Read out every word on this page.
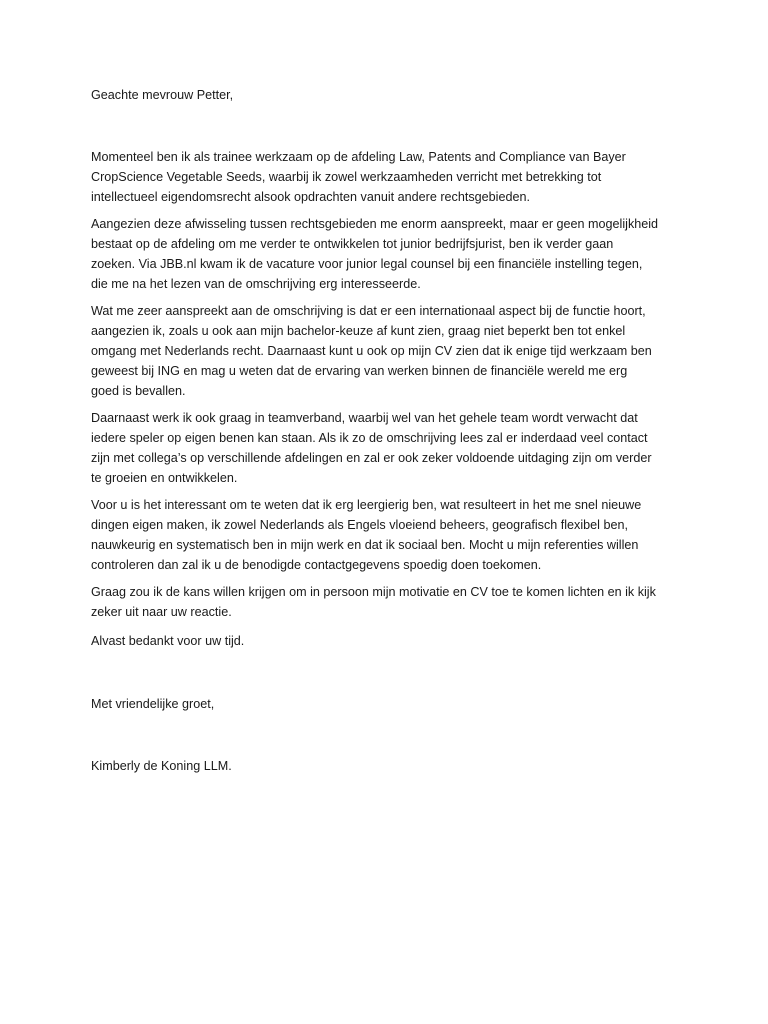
Geachte mevrouw Petter,

Momenteel ben ik als trainee werkzaam op de afdeling Law, Patents and Compliance van Bayer

CropScience Vegetable Seeds, waarbij ik zowel werkzaamheden verricht met betrekking tot

intellectueel eigendomsrecht alsook opdrachten vanuit andere rechtsgebieden.

Aangezien deze afwisseling tussen rechtsgebieden me enorm aanspreekt, maar er geen mogelijkheid

bestaat op de afdeling om me verder te ontwikkelen tot junior bedrijfsjurist, ben ik verder gaan

zoeken. Via JBB.nl kwam ik de vacature voor junior legal counsel bij een financiële instelling tegen,

die me na het lezen van de omschrijving erg interesseerde.

Wat me zeer aanspreekt aan de omschrijving is dat er een internationaal aspect bij de functie hoort,

aangezien ik, zoals u ook aan mijn bachelor-keuze af kunt zien, graag niet beperkt ben tot enkel

omgang met Nederlands recht. Daarnaast kunt u ook op mijn CV zien dat ik enige tijd werkzaam ben

geweest bij ING en mag u weten dat de ervaring van werken binnen de financiële wereld me erg

goed is bevallen.

Daarnaast werk ik ook graag in teamverband, waarbij wel van het gehele team wordt verwacht dat

iedere speler op eigen benen kan staan. Als ik zo de omschrijving lees zal er inderdaad veel contact

zijn met collega’s op verschillende afdelingen en zal er ook zeker voldoende uitdaging zijn om verder

te groeien en ontwikkelen.

Voor u is het interessant om te weten dat ik erg leergierig ben, wat resulteert in het me snel nieuwe

dingen eigen maken, ik zowel Nederlands als Engels vloeiend beheers, geografisch flexibel ben,

nauwkeurig en systematisch ben in mijn werk en dat ik sociaal ben. Mocht u mijn referenties willen

controleren dan zal ik u de benodigde contactgegevens spoedig doen toekomen.

Graag zou ik de kans willen krijgen om in persoon mijn motivatie en CV toe te komen lichten en ik kijk

zeker uit naar uw reactie.

Alvast bedankt voor uw tijd.

Met vriendelijke groet,

Kimberly de Koning LLM.
